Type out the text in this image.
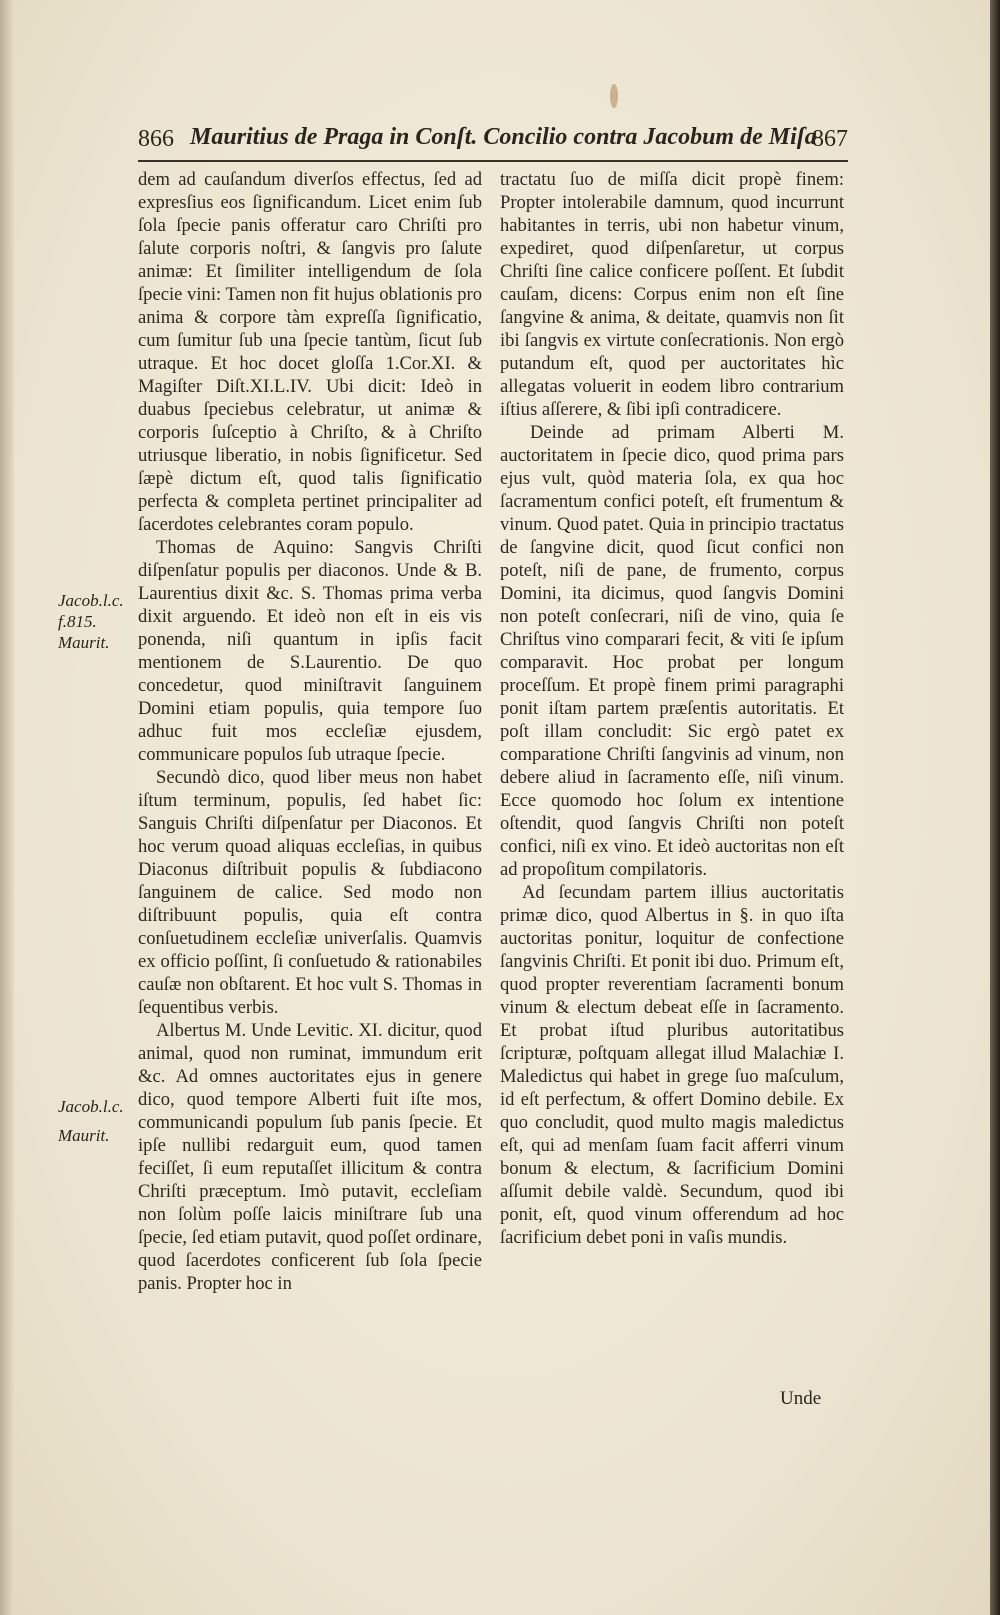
866 Mauritius de Praga in Conſt. Concilio contra Jacobum de Miſa
867

dem ad cauſandum diverſos effectus, ſed ad expresſius eos ſignificandum. Licet enim ſub ſola ſpecie panis offeratur caro Chriſti pro ſalute corporis noſtri, & ſangvis pro ſalute animæ: Et ſimiliter intelligendum de ſola ſpecie vini: Tamen non fit hujus oblationis pro anima & corpore tàm expreſſa ſignificatio, cum ſumitur ſub una ſpecie tantùm, ſicut ſub utraque. Et hoc docet gloſſa 1.Cor.XI. & Magiſter Diſt.XI.L.IV. Ubi dicit: Ideò in duabus ſpeciebus celebratur, ut animæ & corporis ſuſceptio à Chriſto, & à Chriſto utriusque liberatio, in nobis ſignificetur. Sed ſæpè dictum eſt, quod talis ſignificatio perfecta & completa pertinet principaliter ad ſacerdotes celebrantes coram populo.

Thomas de Aquino: Sangvis Chriſti diſpenſatur populis per diaconos. Unde & B. Laurentius dixit &c. S. Thomas prima verba dixit arguendo. Et ideò non eſt in eis vis ponenda, niſi quantum in ipſis facit mentionem de S.Laurentio. De quo concedetur, quod miniſtravit ſanguinem Domini etiam populis, quia tempore ſuo adhuc fuit mos eccleſiæ ejusdem, communicare populos ſub utraque ſpecie.

Secundò dico, quod liber meus non habet iſtum terminum, populis, ſed habet ſic: Sanguis Chriſti diſpenſatur per Diaconos. Et hoc verum quoad aliquas eccleſias, in quibus Diaconus diſtribuit populis & ſubdiacono ſanguinem de calice. Sed modo non diſtribuunt populis, quia eſt contra conſuetudinem eccleſiæ univerſalis. Quamvis ex officio poſſint, ſi conſuetudo & rationabiles cauſæ non obſtarent. Et hoc vult S. Thomas in ſequentibus verbis.

Albertus M. Unde Levitic. XI. dicitur, quod animal, quod non ruminat, immundum erit &c. Ad omnes auctoritates ejus in genere dico, quod tempore Alberti fuit iſte mos, communicandi populum ſub panis ſpecie. Et ipſe nullibi redarguit eum, quod tamen feciſſet, ſi eum reputaſſet illicitum & contra Chriſti præceptum. Imò putavit, eccleſiam non ſolùm poſſe laicis miniſtrare ſub una ſpecie, ſed etiam putavit, quod poſſet ordinare, quod ſacerdotes conficerent ſub ſola ſpecie panis. Propter hoc in

tractatu ſuo de miſſa dicit propè finem: Propter intolerabile damnum, quod incurrunt habitantes in terris, ubi non habetur vinum, expediret, quod diſpenſaretur, ut corpus Chriſti ſine calice conficere poſſent. Et ſubdit cauſam, dicens: Corpus enim non eſt ſine ſangvine & anima, & deitate, quamvis non ſit ibi ſangvis ex virtute conſecrationis. Non ergò putandum eſt, quod per auctoritates hìc allegatas voluerit in eodem libro contrarium iſtius aſſerere, & ſibi ipſi contradicere.

Deinde ad primam Alberti M. auctoritatem in ſpecie dico, quod prima pars ejus vult, quòd materia ſola, ex qua hoc ſacramentum confici poteſt, eſt frumentum & vinum. Quod patet. Quia in principio tractatus de ſangvine dicit, quod ſicut confici non poteſt, niſi de pane, de frumento, corpus Domini, ita dicimus, quod ſangvis Domini non poteſt conſecrari, niſi de vino, quia ſe Chriſtus vino comparari fecit, & viti ſe ipſum comparavit. Hoc probat per longum proceſſum. Et propè finem primi paragraphi ponit iſtam partem præſentis autoritatis. Et poſt illam concludit: Sic ergò patet ex comparatione Chriſti ſangvinis ad vinum, non debere aliud in ſacramento eſſe, niſi vinum. Ecce quomodo hoc ſolum ex intentione oſtendit, quod ſangvis Chriſti non poteſt confici, niſi ex vino. Et ideò auctoritas non eſt ad propoſitum compilatoris.

Ad ſecundam partem illius auctoritatis primæ dico, quod Albertus in §. in quo iſta auctoritas ponitur, loquitur de confectione ſangvinis Chriſti. Et ponit ibi duo. Primum eſt, quod propter reverentiam ſacramenti bonum vinum & electum debeat eſſe in ſacramento. Et probat iſtud pluribus autoritatibus ſcripturæ, poſtquam allegat illud Malachiæ I. Maledictus qui habet in grege ſuo maſculum, id eſt perfectum, & offert Domino debile. Ex quo concludit, quod multo magis maledictus eſt, qui ad menſam ſuam facit afferri vinum bonum & electum, & ſacrificium Domini aſſumit debile valdè. Secundum, quod ibi ponit, eſt, quod vinum offerendum ad hoc ſacrificium debet poni in vaſis mundis.

Jacob.l.c.
f.815.
Maurit.
Jacob.l.c.
Maurit.
Unde
